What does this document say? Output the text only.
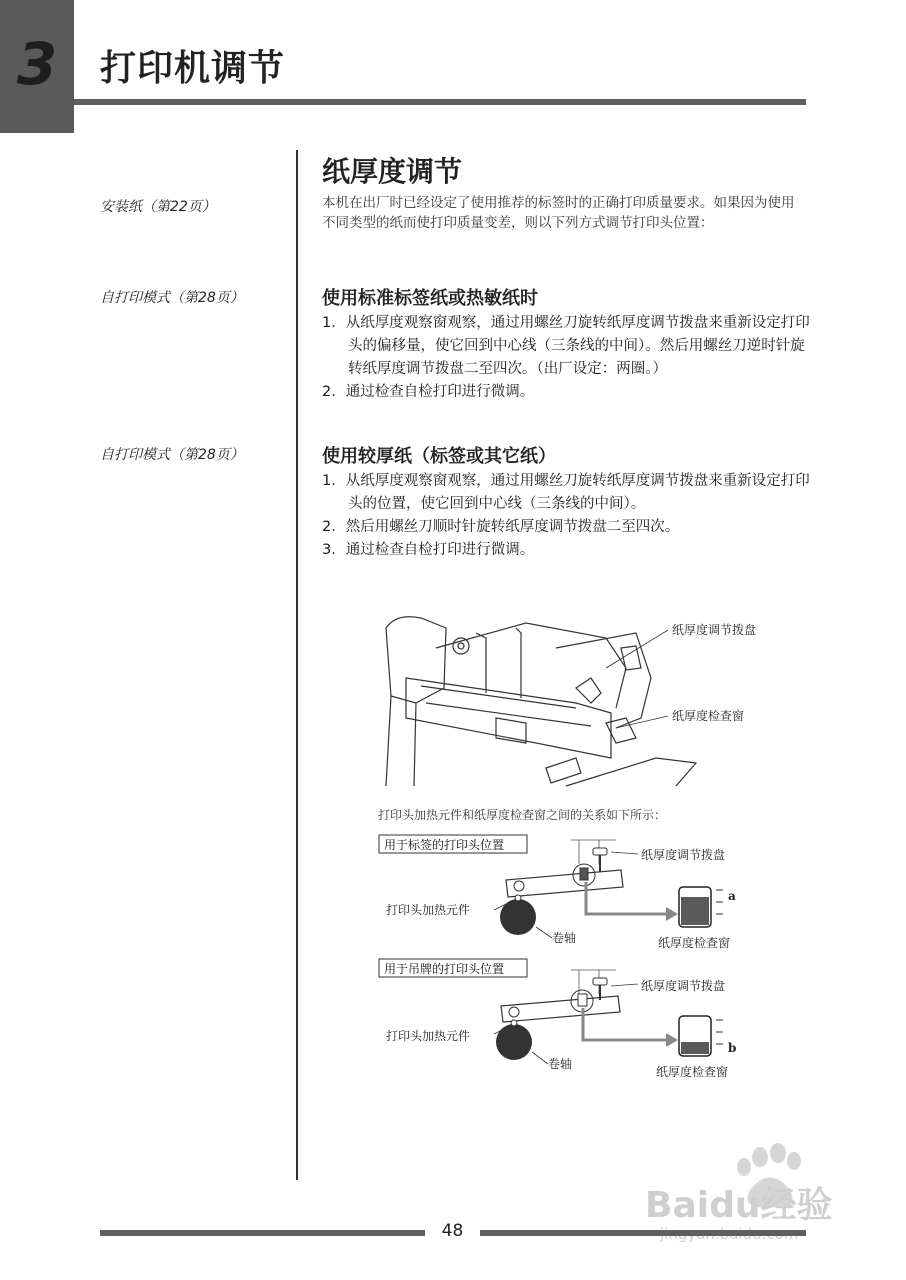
3	打印机调节
安装纸（第22页）
自打印模式（第28页）
自打印模式（第28页）
纸厚度调节
本机在出厂时已经设定了使用推荐的标签时的正确打印质量要求。如果因为使用不同类型的纸而使打印质量变差，则以下列方式调节打印头位置：
使用标准标签纸或热敏纸时
1．从纸厚度观察窗观察，通过用螺丝刀旋转纸厚度调节拨盘来重新设定打印头的偏移量，使它回到中心线（三条线的中间）。然后用螺丝刀逆时针旋转纸厚度调节拨盘二至四次。（出厂设定：两圈。）
2．通过检查自检打印进行微调。
使用较厚纸（标签或其它纸）
1．从纸厚度观察窗观察，通过用螺丝刀旋转纸厚度调节拨盘来重新设定打印头的位置，使它回到中心线（三条线的中间）。
2．然后用螺丝刀顺时针旋转纸厚度调节拨盘二至四次。
3．通过检查自检打印进行微调。
纸厚度调节拨盘
纸厚度检查窗
打印头加热元件和纸厚度检查窗之间的关系如下所示：
用于标签的打印头位置
纸厚度调节拨盘
打印头加热元件
卷轴
a
纸厚度检查窗
用于吊牌的打印头位置
纸厚度调节拨盘
打印头加热元件
卷轴
b
纸厚度检查窗
Baidu经验
48
